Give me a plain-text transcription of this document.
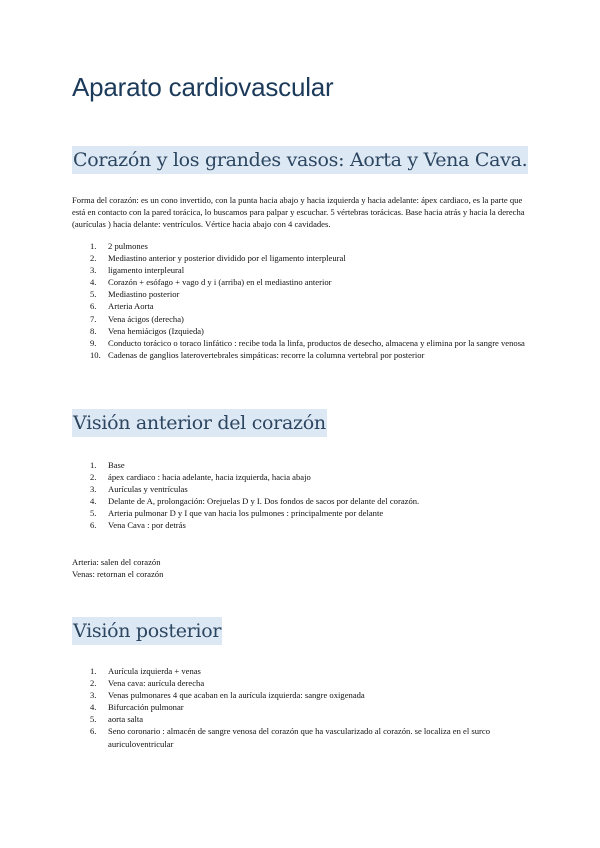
Aparato cardiovascular
Corazón y los grandes vasos: Aorta y Vena Cava.

Forma del corazón: es un cono invertido, con la punta hacia abajo y hacia izquierda y hacia adelante: ápex cardiaco, es la parte que está en contacto con la pared torácica, lo buscamos para palpar y escuchar. 5 vértebras torácicas. Base hacia atrás y hacia la derecha (aurículas ) hacia delante: ventrículos. Vértice hacia abajo con 4 cavidades.

1.	2 pulmones
2.	Mediastino anterior y posterior dividido por el ligamento interpleural
3.	ligamento interpleural
4.	Corazón + esófago + vago d y i (arriba) en el mediastino anterior
5.	Mediastino posterior
6.	Arteria Aorta
7.	Vena ácigos (derecha)
8.	Vena hemiácigos (Izquieda)
9.	Conducto torácico o toraco linfático : recibe toda la linfa, productos de desecho, almacena y elimina por la sangre venosa
10. Cadenas de ganglios laterovertebrales simpáticas: recorre la columna vertebral por posterior
Visión anterior del corazón
1.	Base
2.	ápex cardiaco : hacia adelante, hacia izquierda, hacia abajo
3.	Aurículas y ventrículas
4.	Delante de A, prolongación: Orejuelas D y I. Dos fondos de sacos por delante del corazón.
5.	Arteria pulmonar D y I que van hacia los pulmones : principalmente por delante
6.	Vena Cava : por detrás

Arteria: salen del corazón

Venas: retornan el corazón

Visión posterior
1.	Aurícula izquierda + venas
2.	Vena cava: aurícula derecha
3.	Venas pulmonares 4 que acaban en la aurícula izquierda: sangre oxigenada
4.	Bifurcación pulmonar
5.	aorta salta
6.	Seno coronario : almacén de sangre venosa del corazón que ha vascularizado al corazón. se localiza en el surco auriculoventricular
